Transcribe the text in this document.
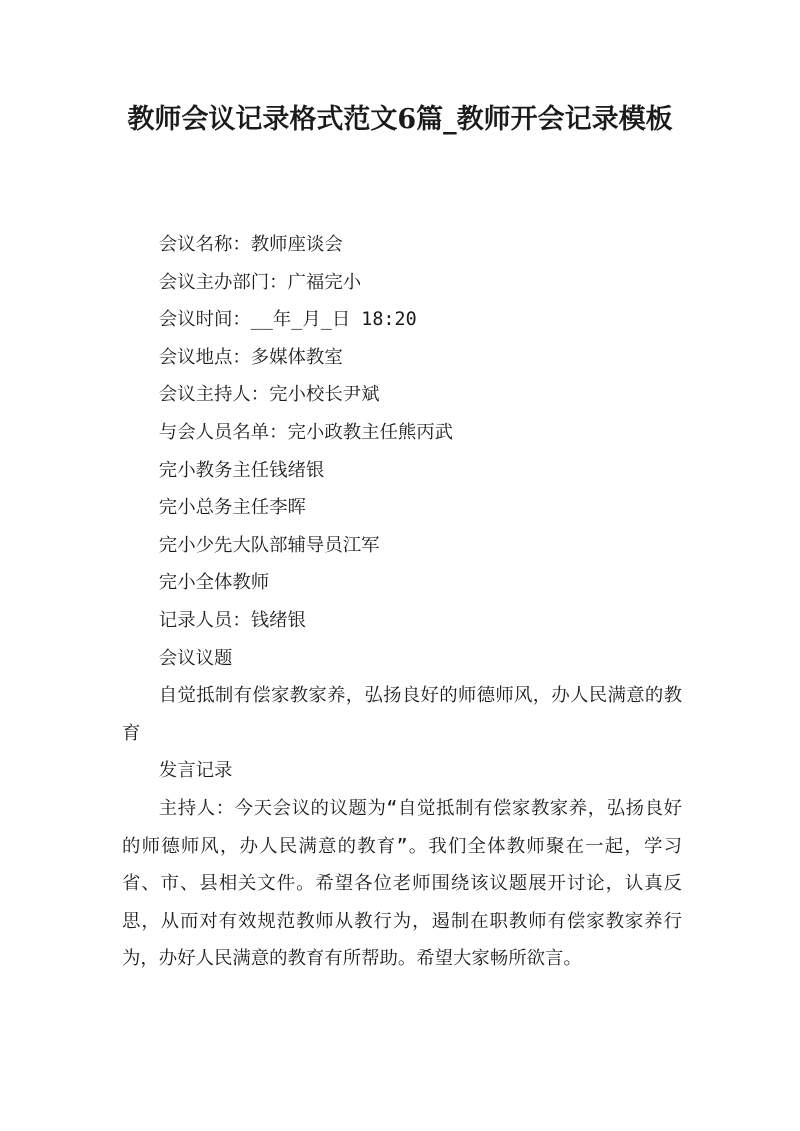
教师会议记录格式范文6篇_教师开会记录模板

会议名称：教师座谈会

会议主办部门：广福完小

会议时间：__年_月_日 18:20

会议地点：多媒体教室

会议主持人：完小校长尹斌

与会人员名单：完小政教主任熊丙武

完小教务主任钱绪银

完小总务主任李晖

完小少先大队部辅导员江军

完小全体教师

记录人员：钱绪银

会议议题

自觉抵制有偿家教家养，弘扬良好的师德师风，办人民满意的教育

发言记录

主持人：今天会议的议题为“自觉抵制有偿家教家养，弘扬良好的师德师风，办人民满意的教育”。我们全体教师聚在一起，学习省、市、县相关文件。希望各位老师围绕该议题展开讨论，认真反思，从而对有效规范教师从教行为，遏制在职教师有偿家教家养行为，办好人民满意的教育有所帮助。希望大家畅所欲言。
